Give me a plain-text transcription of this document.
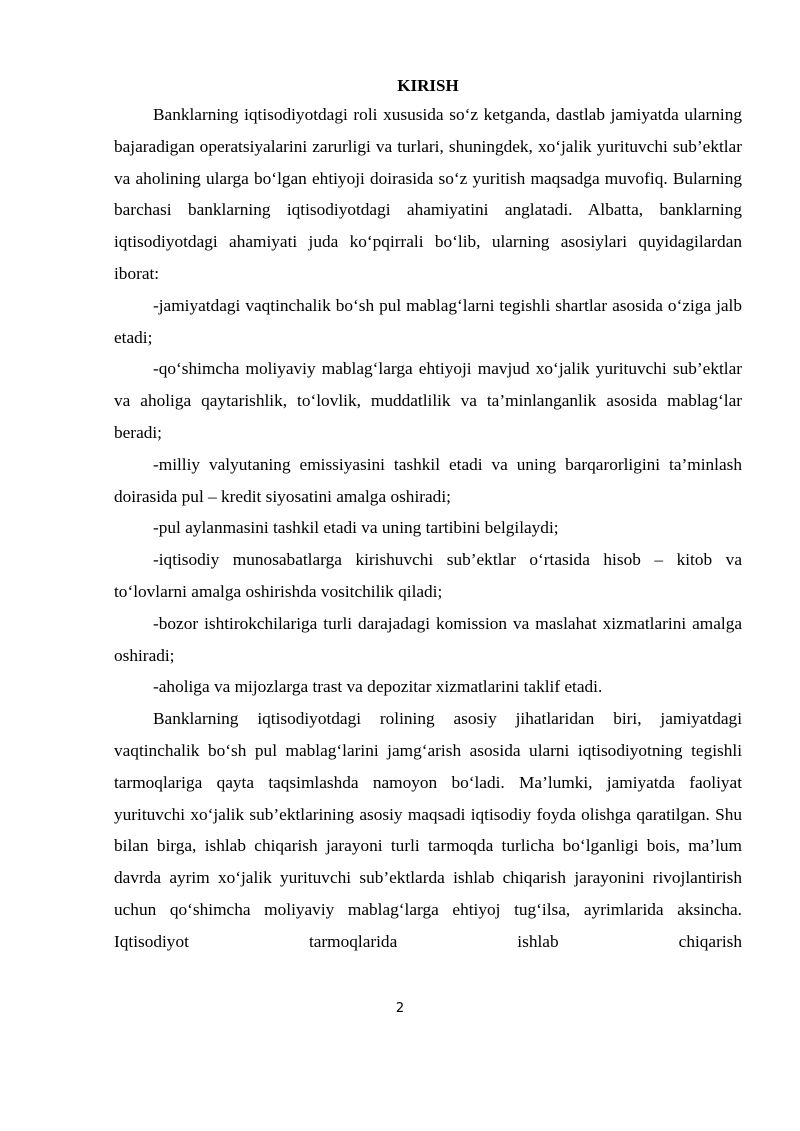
KIRISH

Banklarning iqtisodiyotdagi roli xususida so‘z ketganda, dastlab jamiyatda ularning bajaradigan operatsiyalarini zarurligi va turlari, shuningdek, xo‘jalik yurituvchi sub’ektlar va aholining ularga bo‘lgan ehtiyoji doirasida so‘z yuritish maqsadga muvofiq. Bularning barchasi banklarning iqtisodiyotdagi ahamiyatini anglatadi. Albatta, banklarning iqtisodiyotdagi ahamiyati juda ko‘pqirrali bo‘lib, ularning asosiylari quyidagilardan iborat:

-jamiyatdagi vaqtinchalik bo‘sh pul mablag‘larni tegishli shartlar asosida o‘ziga jalb etadi;

-qo‘shimcha moliyaviy mablag‘larga ehtiyoji mavjud xo‘jalik yurituvchi sub’ektlar va aholiga qaytarishlik, to‘lovlik, muddatlilik va ta’minlanganlik asosida mablag‘lar beradi;

-milliy valyutaning emissiyasini tashkil etadi va uning barqarorligini ta’minlash doirasida pul – kredit siyosatini amalga oshiradi;

-pul aylanmasini tashkil etadi va uning tartibini belgilaydi;

-iqtisodiy munosabatlarga kirishuvchi sub’ektlar o‘rtasida hisob – kitob va to‘lovlarni amalga oshirishda vositchilik qiladi;

-bozor ishtirokchilariga turli darajadagi komission va maslahat xizmatlarini amalga oshiradi;

-aholiga va mijozlarga trast va depozitar xizmatlarini taklif etadi.

Banklarning iqtisodiyotdagi rolining asosiy jihatlaridan biri, jamiyatdagi vaqtinchalik bo‘sh pul mablag‘larini jamg‘arish asosida ularni iqtisodiyotning tegishli tarmoqlariga qayta taqsimlashda namoyon bo‘ladi. Ma’lumki, jamiyatda faoliyat yurituvchi xo‘jalik sub’ektlarining asosiy maqsadi iqtisodiy foyda olishga qaratilgan. Shu bilan birga, ishlab chiqarish jarayoni turli tarmoqda turlicha bo‘lganligi bois, ma’lum davrda ayrim xo‘jalik yurituvchi sub’ektlarda ishlab chiqarish jarayonini rivojlantirish uchun qo‘shimcha moliyaviy mablag‘larga ehtiyoj tug‘ilsa, ayrimlarida aksincha. Iqtisodiyot tarmoqlarida ishlab chiqarish

2
